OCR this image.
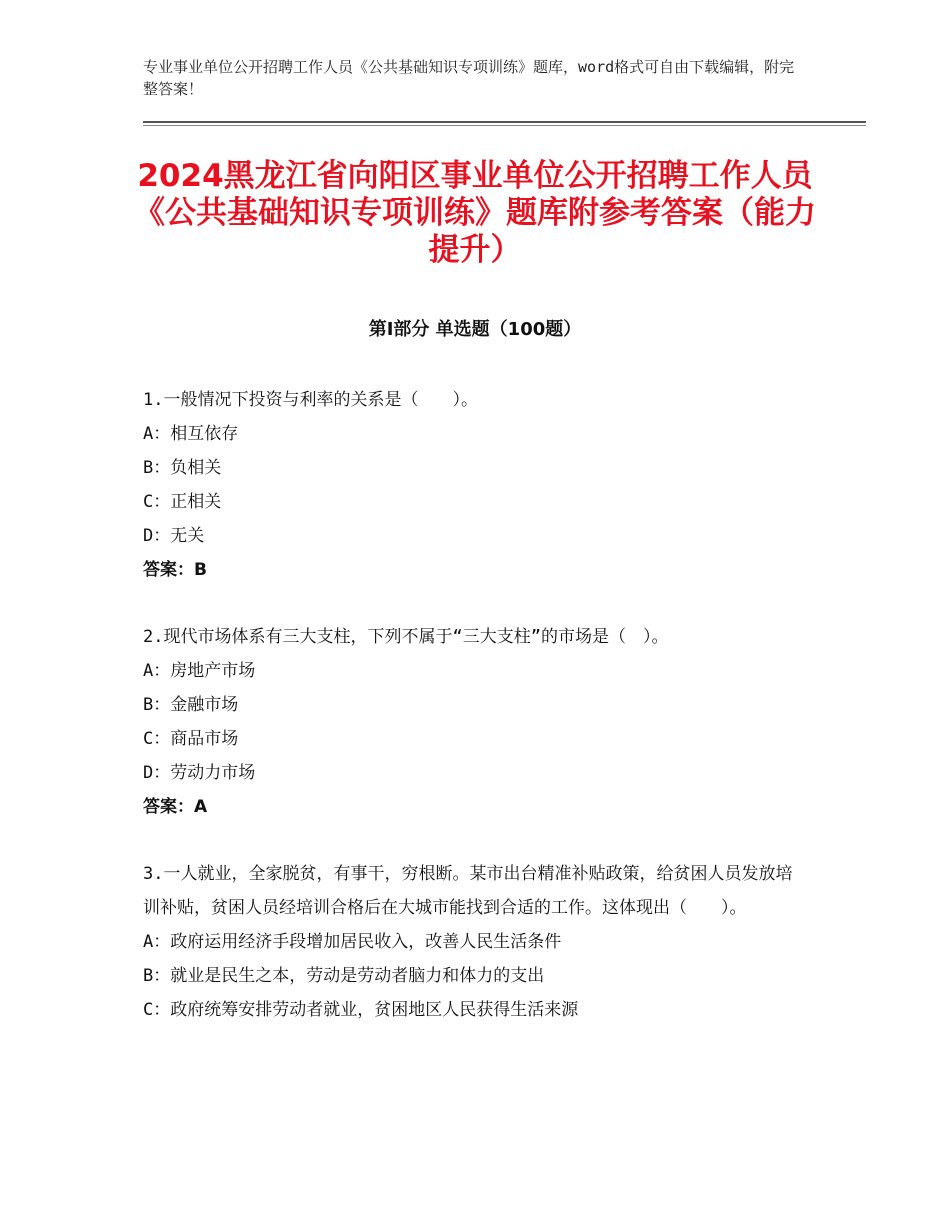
专业事业单位公开招聘工作人员《公共基础知识专项训练》题库，word格式可自由下载编辑，附完整答案！
2024黑龙江省向阳区事业单位公开招聘工作人员《公共基础知识专项训练》题库附参考答案（能力提升）
第Ⅰ部分 单选题（100题）

1.一般情况下投资与利率的关系是（　　）。

A：相互依存

B：负相关

C：正相关

D：无关

答案：B

2.现代市场体系有三大支柱，下列不属于“三大支柱”的市场是（　）。

A：房地产市场

B：金融市场

C：商品市场

D：劳动力市场

答案：A

3.一人就业，全家脱贫，有事干，穷根断。某市出台精准补贴政策，给贫困人员发放培训补贴，贫困人员经培训合格后在大城市能找到合适的工作。这体现出（　　）。

A：政府运用经济手段增加居民收入，改善人民生活条件

B：就业是民生之本，劳动是劳动者脑力和体力的支出

C：政府统筹安排劳动者就业，贫困地区人民获得生活来源
